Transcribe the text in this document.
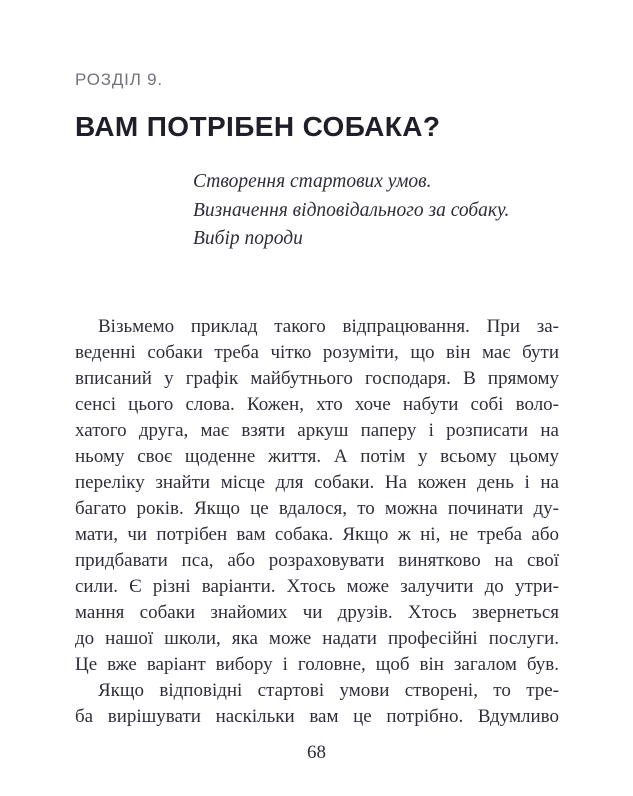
РОЗДІЛ 9.
ВАМ ПОТРІБЕН СОБАКА?
Створення стартових умов.
Визначення відповідального за собаку.
Вибір породи
Візьмемо приклад такого відпрацювання. При за-
веденні собаки треба чітко розуміти, що він має бути
вписаний у графік майбутнього господаря. В прямому
сенсі цього слова. Кожен, хто хоче набути собі воло-
хатого друга, має взяти аркуш паперу і розписати на
ньому своє щоденне життя. А потім у всьому цьому
переліку знайти місце для собаки. На кожен день і на
багато років. Якщо це вдалося, то можна починати ду-
мати, чи потрібен вам собака. Якщо ж ні, не треба або
придбавати пса, або розраховувати винятково на свої
сили. Є різні варіанти. Хтось може залучити до утри-
мання собаки знайомих чи друзів. Хтось звернеться
до нашої школи, яка може надати професійні послуги.
Це вже варіант вибору і головне, щоб він загалом був.
Якщо відповідні стартові умови створені, то тре-
ба вирішувати наскільки вам це потрібно. Вдумливо
68
